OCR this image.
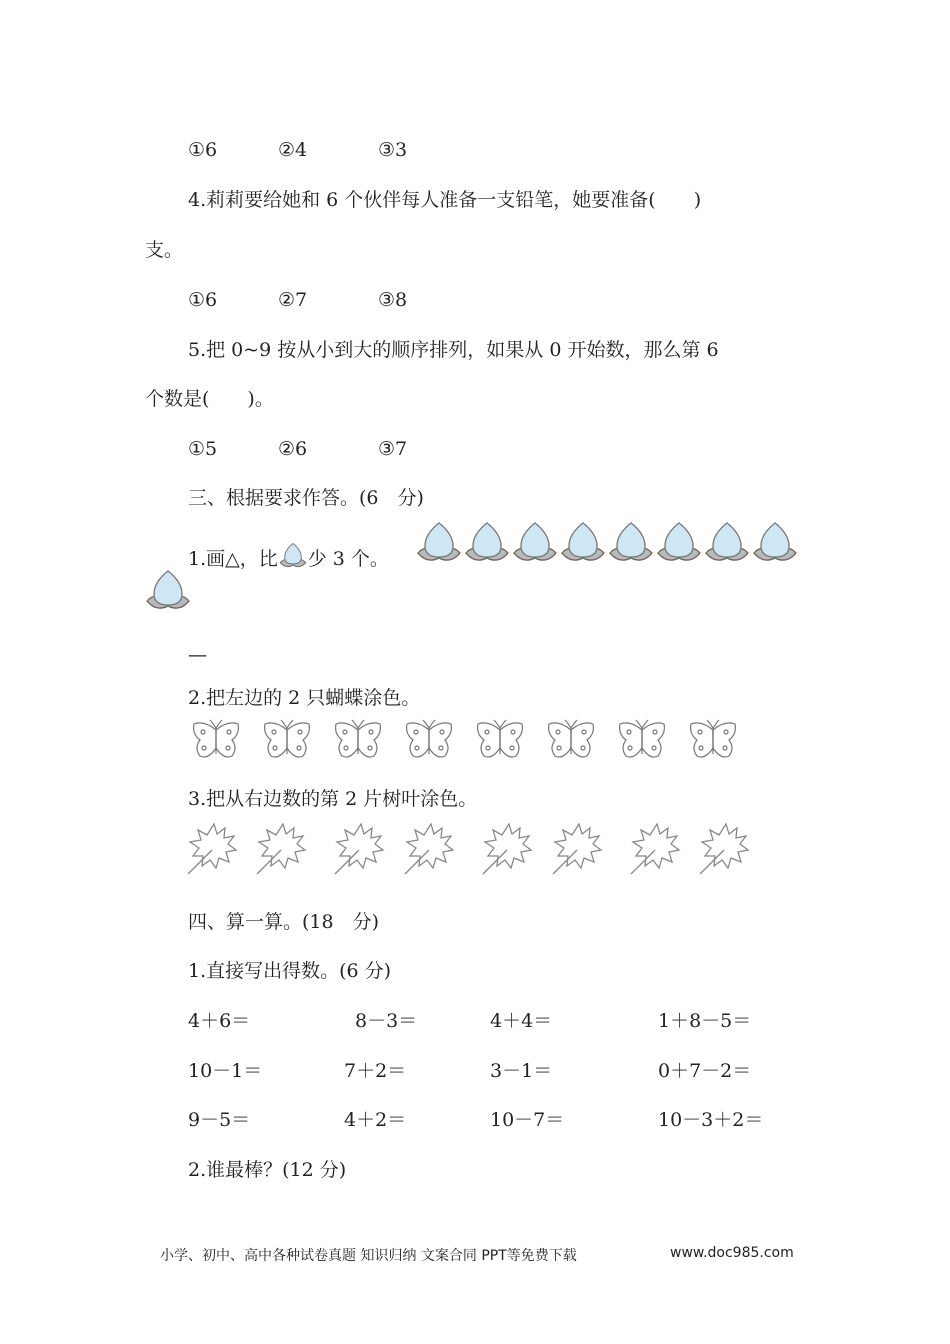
①6	②4	③3
4.莉莉要给她和 6 个伙伴每人准备一支铅笔，她要准备(　　)
支。
①6	②7	③8
5.把 0~9 按从小到大的顺序排列，如果从 0 开始数，那么第 6
个数是(　　)。
①5	②6	③7
三、根据要求作答。(6　分)
1.画△，比 少 3 个。
—
2.把左边的 2 只蝴蝶涂色。
3.把从右边数的第 2 片树叶涂色。
四、算一算。(18　分)
1.直接写出得数。(6 分)
4＋6＝	8－3＝	4＋4＝	1＋8－5＝
10－1＝	7＋2＝	3－1＝	0＋7－2＝
9－5＝	4＋2＝	10－7＝	10－3＋2＝
2.谁最棒？(12 分)
小学、初中、高中各种试卷真题 知识归纳 文案合同 PPT等免费下载	www.doc985.com
